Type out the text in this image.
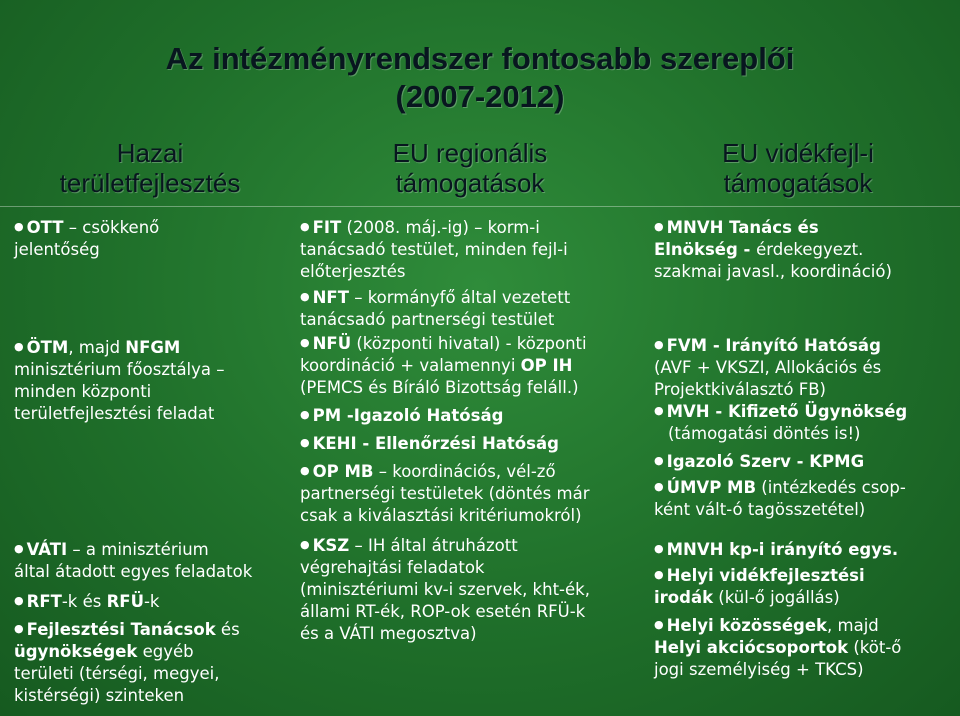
Az intézményrendszer fontosabb szereplői
(2007-2012)
Hazai
területfejlesztés
EU regionális
támogatások
EU vidékfejl-i
támogatások
● OTT – csökkenő
jelentőség
● ÖTM, majd NFGM
minisztérium főosztálya –
minden központi
területfejlesztési feladat
● VÁTI – a minisztérium
által átadott egyes feladatok
● RFT-k és RFÜ-k
● Fejlesztési Tanácsok és
ügynökségek egyéb
területi (térségi, megyei,
kistérségi) szinteken
● FIT (2008. máj.-ig) – korm-i
tanácsadó testület, minden fejl-i
előterjesztés
● NFT – kormányfő által vezetett
tanácsadó partnerségi testület
● NFÜ (központi hivatal) - központi
koordináció + valamennyi OP IH
(PEMCS és Bíráló Bizottság feláll.)
● PM -Igazoló Hatóság
● KEHI - Ellenőrzési Hatóság
● OP MB – koordinációs, vél-ző
partnerségi testületek (döntés már
csak a kiválasztási kritériumokról)
● KSZ – IH által átruházott
végrehajtási feladatok
(minisztériumi kv-i szervek, kht-ék,
állami RT-ék, ROP-ok esetén RFÜ-k
és a VÁTI megosztva)
● MNVH Tanács és
Elnökség - érdekegyezt.
szakmai javasl., koordináció)
● FVM - Irányító Hatóság
(AVF + VKSZI, Allokációs és
Projektkiválasztó FB)
● MVH - Kifizető Ügynökség
(támogatási döntés is!)
● Igazoló Szerv - KPMG
● ÚMVP MB (intézkedés csop-
ként vált-ó tagösszetétel)
● MNVH kp-i irányító egys.
● Helyi vidékfejlesztési
irodák (kül-ő jogállás)
● Helyi közösségek, majd
Helyi akciócsoportok (köt-ő
jogi személyiség + TKCS)
